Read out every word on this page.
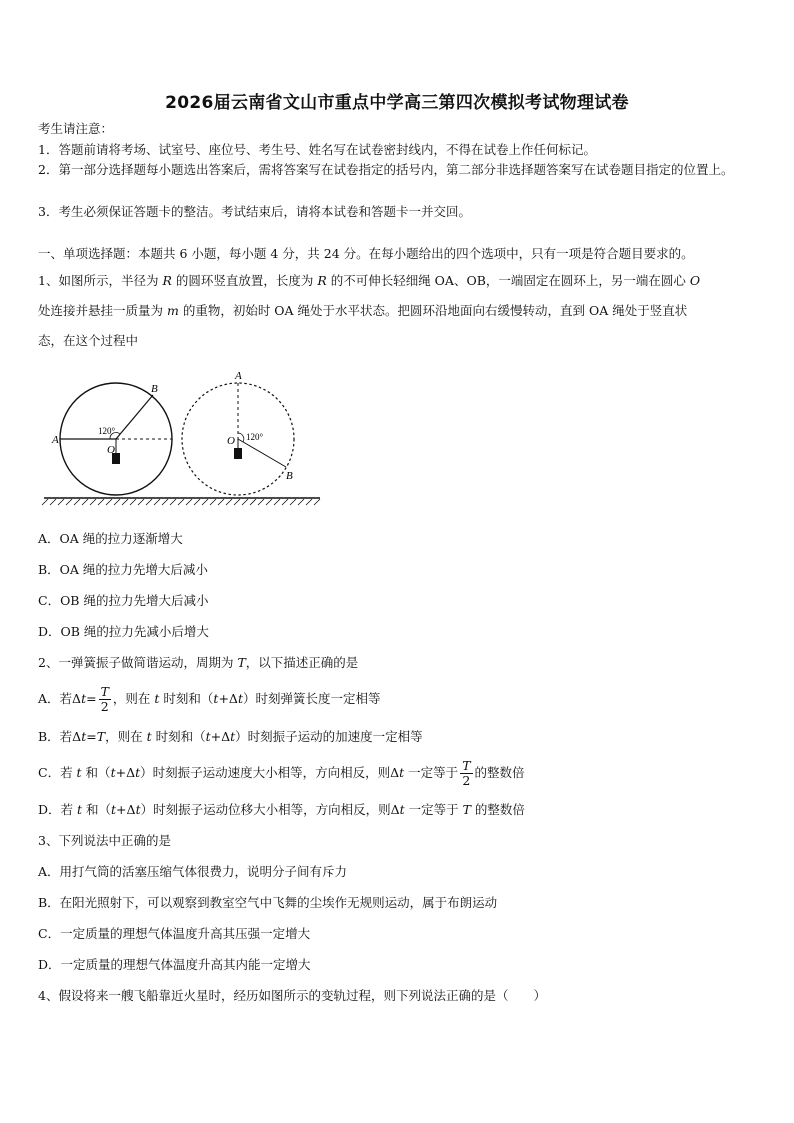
2026届云南省文山市重点中学高三第四次模拟考试物理试卷
考生请注意：
1．答题前请将考场、试室号、座位号、考生号、姓名写在试卷密封线内，不得在试卷上作任何标记。
2．第一部分选择题每小题选出答案后，需将答案写在试卷指定的括号内，第二部分非选择题答案写在试卷题目指定的位置上。
3．考生必须保证答题卡的整洁。考试结束后，请将本试卷和答题卡一并交回。
一、单项选择题：本题共 6 小题，每小题 4 分，共 24 分。在每小题给出的四个选项中，只有一项是符合题目要求的。
1、如图所示，半径为 R 的圆环竖直放置，长度为 R 的不可伸长轻细绳 OA、OB，一端固定在圆环上，另一端在圆心 O
处连接并悬挂一质量为 m 的重物，初始时 OA 绳处于水平状态。把圆环沿地面向右缓慢转动，直到 OA 绳处于竖直状
态，在这个过程中
A
B
O
120°
A
B
O 120°
A．OA 绳的拉力逐渐增大
B．OA 绳的拉力先增大后减小
C．OB 绳的拉力先增大后减小
D．OB 绳的拉力先减小后增大
2、一弹簧振子做简谐运动，周期为 T，以下描述正确的是
A．若$\Delta t= \frac{T}{2}$ ，则在 t 时刻和（t+Δt）时刻弹簧长度一定相等
B．若Δt=T，则在 t 时刻和（t+Δt）时刻振子运动的加速度一定相等
C．若 t 和（t+Δt）时刻振子运动速度大小相等，方向相反，则Δt 一定等于 $\frac{T}{2}$ 的整数倍
D．若 t 和（t+Δt）时刻振子运动位移大小相等，方向相反，则Δt 一定等于 T 的整数倍
3、下列说法中正确的是
A．用打气筒的活塞压缩气体很费力，说明分子间有斥力
B．在阳光照射下，可以观察到教室空气中飞舞的尘埃作无规则运动，属于布朗运动
C．一定质量的理想气体温度升高其压强一定增大
D．一定质量的理想气体温度升高其内能一定增大
4、假设将来一艘飞船靠近火星时，经历如图所示的变轨过程，则下列说法正确的是（　　）
